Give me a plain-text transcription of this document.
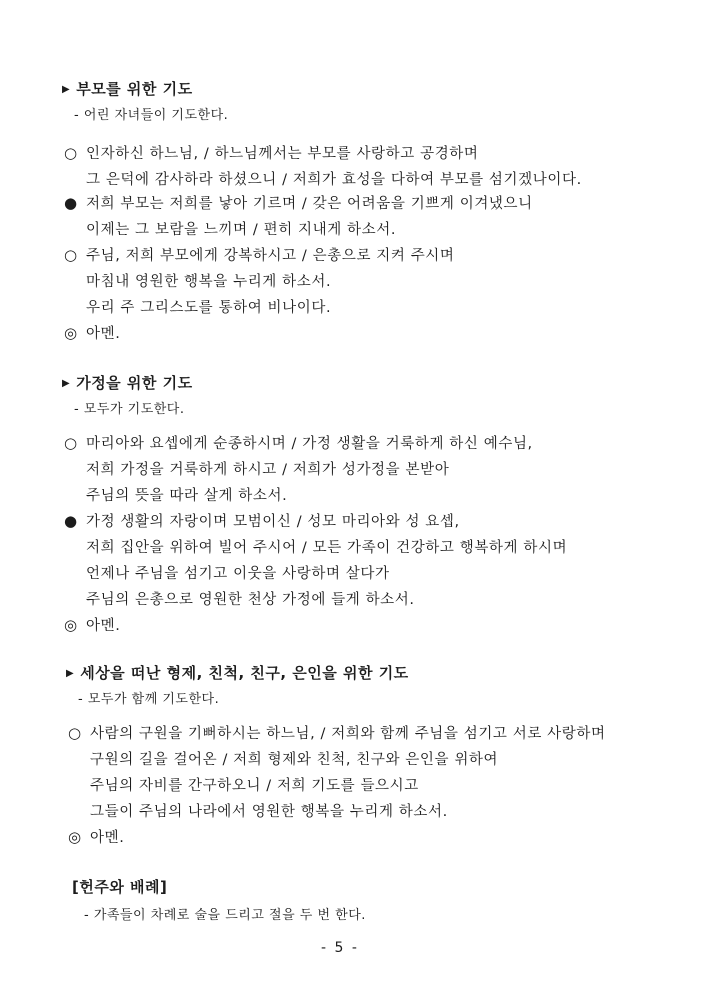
▶ 부모를 위한 기도
- 어린 자녀들이 기도한다.
○ 인자하신 하느님, / 하느님께서는 부모를 사랑하고 공경하며
그 은덕에 감사하라 하셨으니 / 저희가 효성을 다하여 부모를 섬기겠나이다.
● 저희 부모는 저희를 낳아 기르며 / 갖은 어려움을 기쁘게 이겨냈으니
이제는 그 보람을 느끼며 / 편히 지내게 하소서.
○ 주님, 저희 부모에게 강복하시고 / 은총으로 지켜 주시며
마침내 영원한 행복을 누리게 하소서.
우리 주 그리스도를 통하여 비나이다.
◎ 아멘.
▶ 가정을 위한 기도
- 모두가 기도한다.
○ 마리아와 요셉에게 순종하시며 / 가정 생활을 거룩하게 하신 예수님,
저희 가정을 거룩하게 하시고 / 저희가 성가정을 본받아
주님의 뜻을 따라 살게 하소서.
● 가정 생활의 자랑이며 모범이신 / 성모 마리아와 성 요셉,
저희 집안을 위하여 빌어 주시어 / 모든 가족이 건강하고 행복하게 하시며
언제나 주님을 섬기고 이웃을 사랑하며 살다가
주님의 은총으로 영원한 천상 가정에 들게 하소서.
◎ 아멘.
▶ 세상을 떠난 형제, 친척, 친구, 은인을 위한 기도
- 모두가 함께 기도한다.
○ 사람의 구원을 기뻐하시는 하느님, / 저희와 함께 주님을 섬기고 서로 사랑하며
구원의 길을 걸어온 / 저희 형제와 친척, 친구와 은인을 위하여
주님의 자비를 간구하오니 / 저희 기도를 들으시고
그들이 주님의 나라에서 영원한 행복을 누리게 하소서.
◎ 아멘.
[헌주와 배례]
- 가족들이 차례로 술을 드리고 절을 두 번 한다.
- 5 -
